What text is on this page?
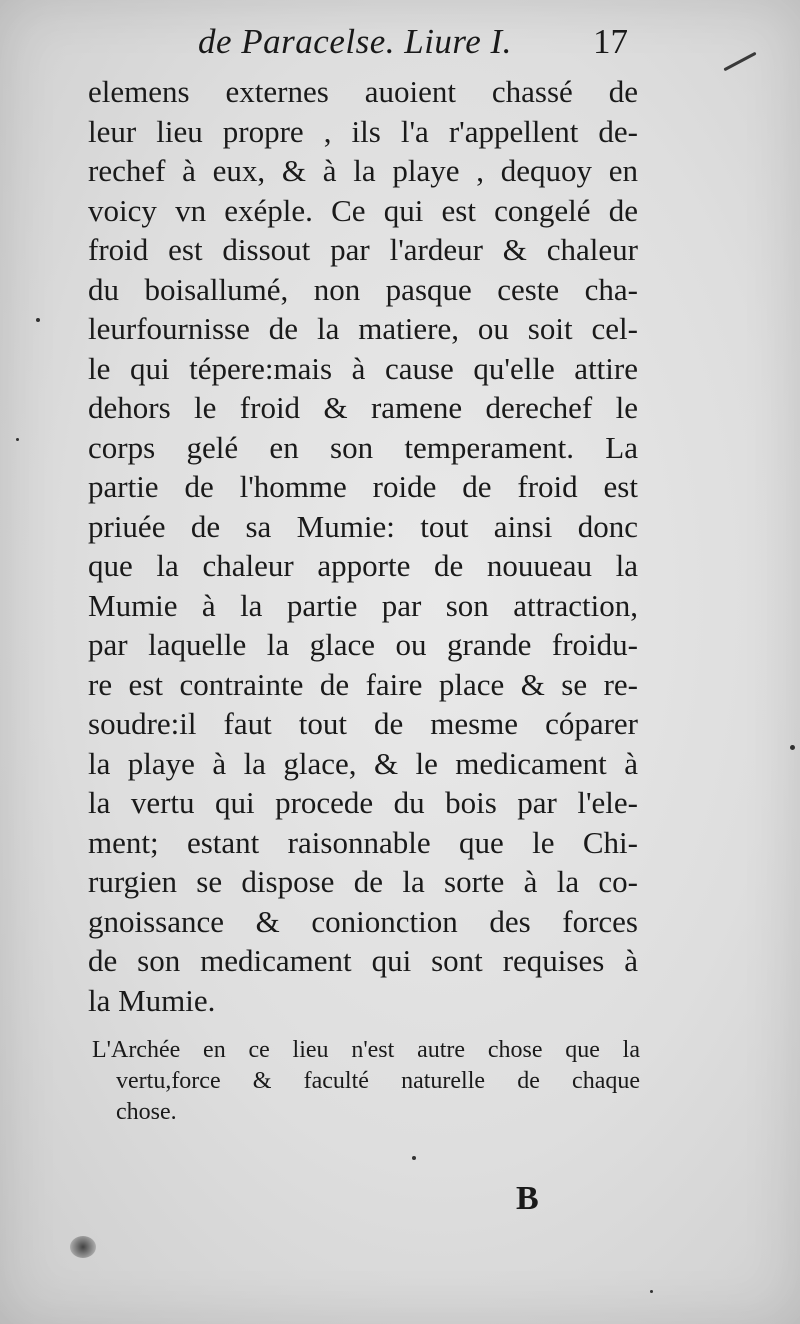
de Paracelse. Liure I. 17
elemens externes auoient chassé de
leur lieu propre , ils l'a r'appellent de-
rechef à eux, & à la playe , dequoy en
voicy vn exéple. Ce qui est congelé de
froid est dissout par l'ardeur & chaleur
du boisallumé, non pasque ceste cha-
leurfournisse de la matiere, ou soit cel-
le qui tépere:mais à cause qu'elle attire
dehors le froid & ramene derechef le
corps gelé en son temperament. La
partie de l'homme roide de froid est
priuée de sa Mumie: tout ainsi donc
que la chaleur apporte de nouueau la
Mumie à la partie par son attraction,
par laquelle la glace ou grande froidu-
re est contrainte de faire place & se re-
soudre:il faut tout de mesme cóparer
la playe à la glace, & le medicament à
la vertu qui procede du bois par l'ele-
ment; estant raisonnable que le Chi-
rurgien se dispose de la sorte à la co-
gnoissance & conionction des forces
de son medicament qui sont requises à
la Mumie.
L'Archée en ce lieu n'est autre chose que la
vertu,force & faculté naturelle de chaque
chose.
B
